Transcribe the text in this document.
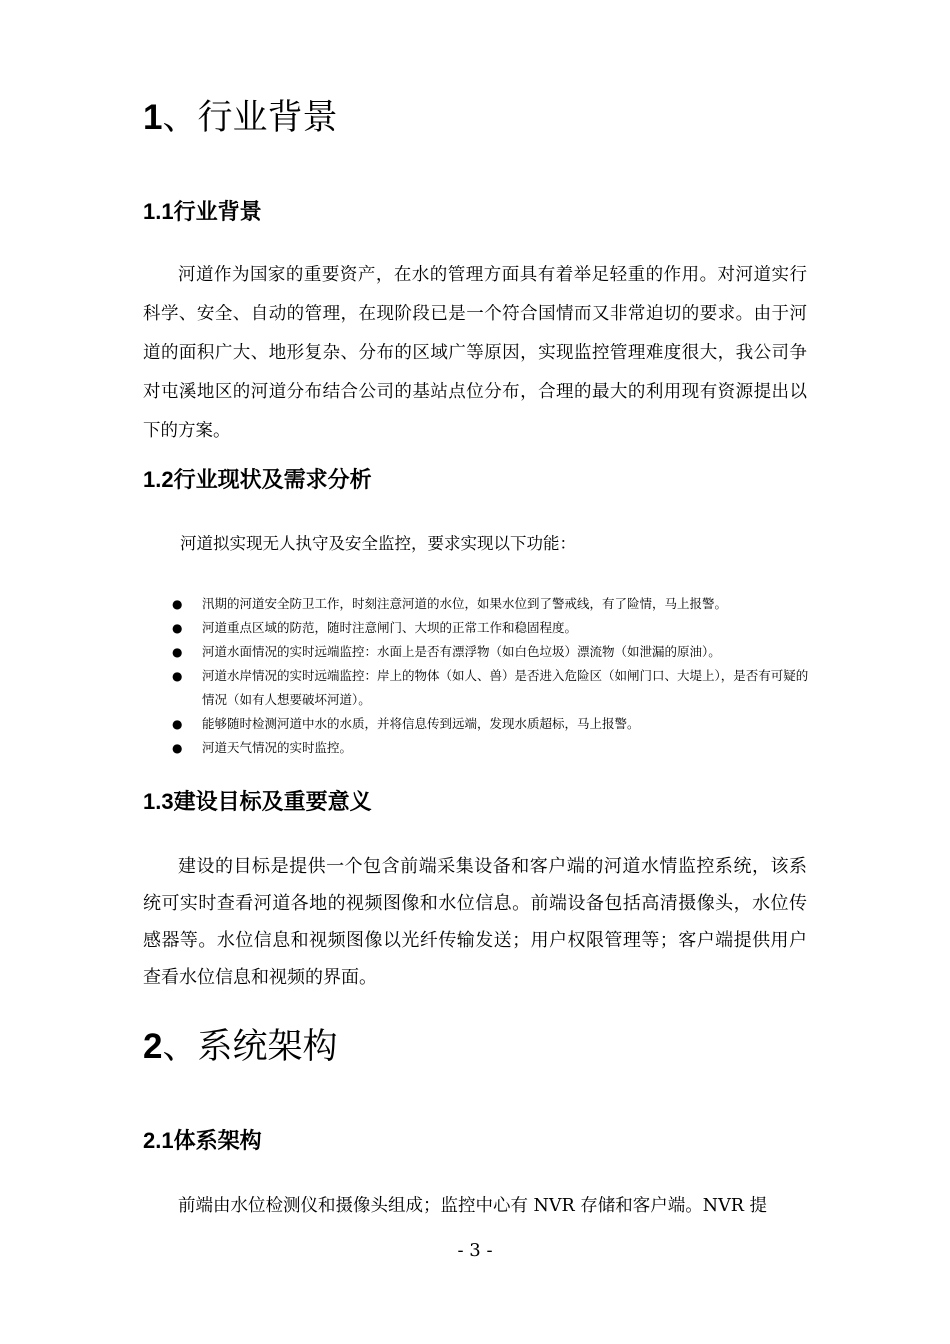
1、行业背景
1.1行业背景

河道作为国家的重要资产，在水的管理方面具有着举足轻重的作用。对河道实行科学、安全、自动的管理，在现阶段已是一个符合国情而又非常迫切的要求。由于河道的面积广大、地形复杂、分布的区域广等原因，实现监控管理难度很大，我公司争对屯溪地区的河道分布结合公司的基站点位分布，合理的最大的利用现有资源提出以下的方案。

1.2行业现状及需求分析

河道拟实现无人执守及安全监控，要求实现以下功能：

● 汛期的河道安全防卫工作，时刻注意河道的水位，如果水位到了警戒线，有了险情，马上报警。
● 河道重点区域的防范，随时注意闸门、大坝的正常工作和稳固程度。
● 河道水面情况的实时远端监控：水面上是否有漂浮物（如白色垃圾）漂流物（如泄漏的原油）。
● 河道水岸情况的实时远端监控：岸上的物体（如人、兽）是否进入危险区（如闸门口、大堤上），是否有可疑的情况（如有人想要破坏河道）。
● 能够随时检测河道中水的水质，并将信息传到远端，发现水质超标，马上报警。
● 河道天气情况的实时监控。
1.3建设目标及重要意义

建设的目标是提供一个包含前端采集设备和客户端的河道水情监控系统，该系统可实时查看河道各地的视频图像和水位信息。前端设备包括高清摄像头，水位传感器等。水位信息和视频图像以光纤传输发送；用户权限管理等；客户端提供用户查看水位信息和视频的界面。

2、系统架构
2.1体系架构

前端由水位检测仪和摄像头组成；监控中心有 NVR 存储和客户端。NVR 提

- 3 -
